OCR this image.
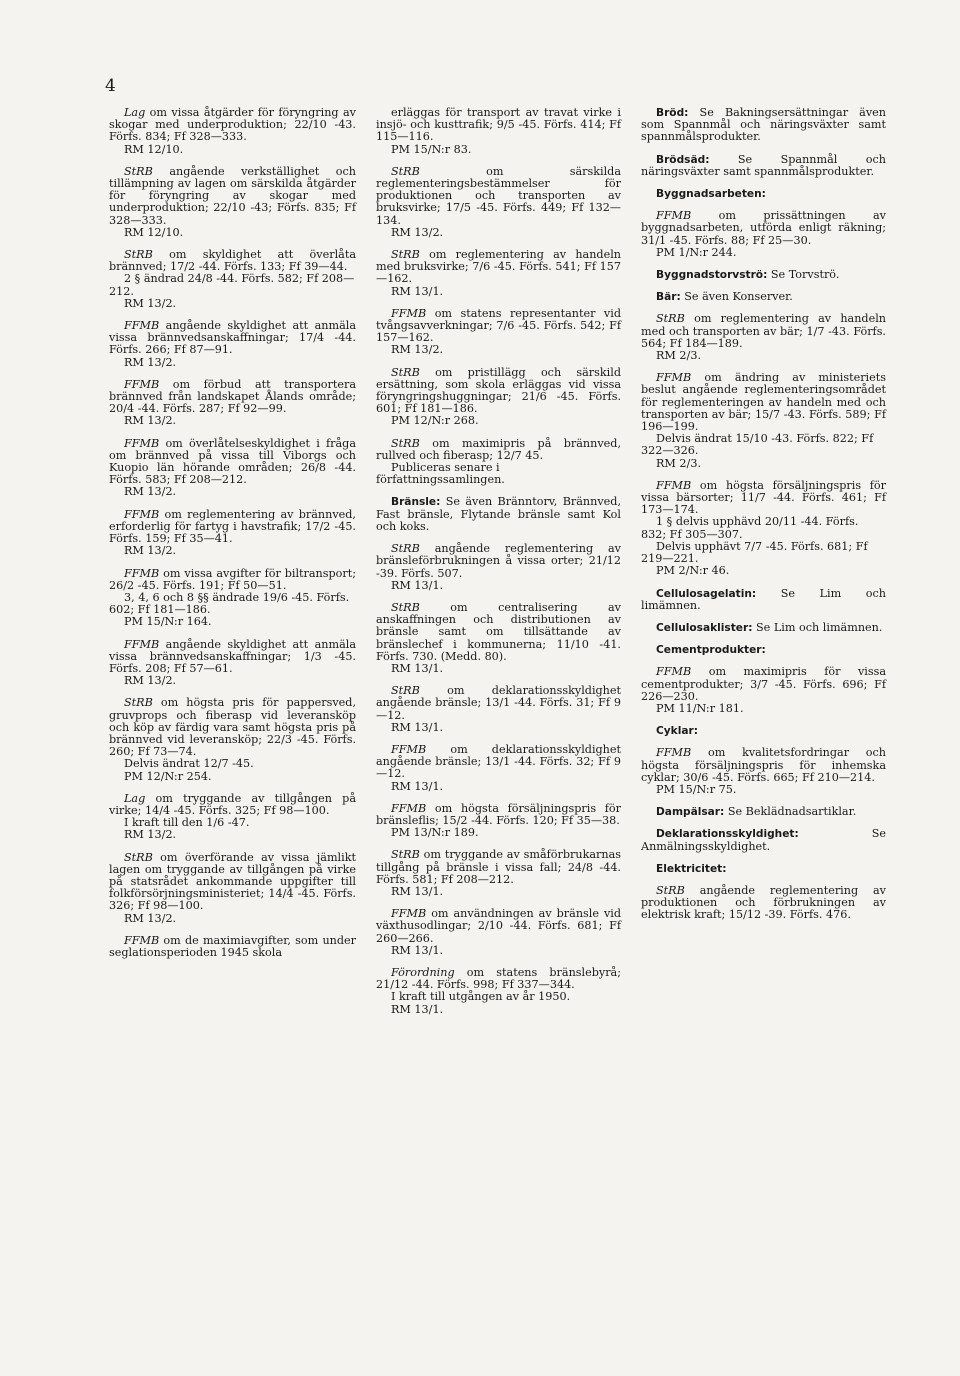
4

Lag om vissa åtgärder för föryngring av skogar med underproduktion; 22/10 -43. Förfs. 834; Ff 328—333.

RM 12/10.

StRB angående verkställighet och tillämpning av lagen om särskilda åtgärder för föryngring av skogar med underproduktion; 22/10 -43; Förfs. 835; Ff 328—333.

RM 12/10.

StRB om skyldighet att överlåta brännved; 17/2 -44. Förfs. 133; Ff 39—44.

2 § ändrad 24/8 -44. Förfs. 582; Ff 208—212.

RM 13/2.

FFMB angående skyldighet att anmäla vissa brännvedsanskaffningar; 17/4 -44. Förfs. 266; Ff 87—91.

RM 13/2.

FFMB om förbud att transportera brännved från landskapet Ålands område; 20/4 -44. Förfs. 287; Ff 92—99.

RM 13/2.

FFMB om överlåtelseskyldighet i fråga om brännved på vissa till Viborgs och Kuopio län hörande områden; 26/8 -44. Förfs. 583; Ff 208—212.

RM 13/2.

FFMB om reglementering av brännved, erforderlig för fartyg i havstrafik; 17/2 -45. Förfs. 159; Ff 35—41.

RM 13/2.

FFMB om vissa avgifter för biltransport; 26/2 -45. Förfs. 191; Ff 50—51.

3, 4, 6 och 8 §§ ändrade 19/6 -45. Förfs. 602; Ff 181—186.

PM 15/N:r 164.

FFMB angående skyldighet att anmäla vissa brännvedsanskaffningar; 1/3 -45. Förfs. 208; Ff 57—61.

RM 13/2.

StRB om högsta pris för pappersved, gruvprops och fiberasp vid leveransköp och köp av färdig vara samt högsta pris på brännved vid leveransköp; 22/3 -45. Förfs. 260; Ff 73—74.

Delvis ändrat 12/7 -45.

PM 12/N:r 254.

Lag om tryggande av tillgången på virke; 14/4 -45. Förfs. 325; Ff 98—100.

I kraft till den 1/6 -47.

RM 13/2.

StRB om överförande av vissa jämlikt lagen om tryggande av tillgången på virke på statsrådet ankommande uppgifter till folkförsörjningsministeriet; 14/4 -45. Förfs. 326; Ff 98—100.

RM 13/2.

FFMB om de maximiavgifter, som under seglationsperioden 1945 skola

erläggas för transport av travat virke i insjö- och kusttrafik; 9/5 -45. Förfs. 414; Ff 115—116.

PM 15/N:r 83.

StRB	om särskilda reglementeringsbestämmelser för produktionen och transporten av bruksvirke; 17/5 -45. Förfs. 449; Ff 132—134.

RM 13/2.

StRB om reglementering av handeln med bruksvirke; 7/6 -45. Förfs. 541; Ff 157—162.

RM 13/1.

FFMB om statens representanter vid tvångsavverkningar; 7/6 -45. Förfs. 542; Ff 157—162.

RM 13/2.

StRB om pristillägg och särskild ersättning, som skola erläggas vid vissa föryngringshuggningar; 21/6 -45. Förfs. 601; Ff 181—186.

PM 12/N:r 268.

StRB om maximipris på brännved, rullved och fiberasp; 12/7 45.

Publiceras senare i författningssamlingen.

Bränsle: Se även Bränntorv, Brännved, Fast bränsle, Flytande bränsle samt Kol och koks.

StRB angående reglementering av bränsleförbrukningen å vissa orter; 21/12 -39. Förfs. 507.

RM 13/1.

StRB	om centralisering av anskaffningen och distributionen av bränsle samt om tillsättande av bränslechef i kommunerna; 11/10 -41. Förfs. 730. (Medd. 80).

RM 13/1.

StRB om deklarationsskyldighet angående bränsle; 13/1 -44. Förfs. 31; Ff 9—12.

RM 13/1.

FFMB om deklarationsskyldighet angående bränsle; 13/1 -44. Förfs. 32; Ff 9—12.

RM 13/1.

FFMB om högsta försäljningspris för bränsleflis; 15/2 -44. Förfs. 120; Ff 35—38.

PM 13/N:r 189.

StRB om tryggande av småförbrukarnas tillgång på bränsle i vissa fall; 24/8 -44. Förfs. 581; Ff 208—212.

RM 13/1.

FFMB om användningen av bränsle vid växthusodlingar; 2/10 -44. Förfs. 681; Ff 260—266.

RM 13/1.

Förordning om statens bränslebyrå; 21/12 -44. Förfs. 998; Ff 337—344.

I kraft till utgången av år 1950.

RM 13/1.

Bröd: Se Bakningsersättningar även som Spannmål och näringsväxter samt spannmålsprodukter.

Brödsäd:	Se Spannmål och näringsväxter samt spannmålsprodukter.

Byggnadsarbeten:

FFMB om prissättningen av byggnadsarbeten, utförda enligt räkning; 31/1 -45. Förfs. 88; Ff 25—30.

PM 1/N:r 244.

Byggnadstorvströ: Se Torvströ.

Bär: Se även Konserver.

StRB om reglementering av handeln med och transporten av bär; 1/7 -43. Förfs. 564; Ff 184—189.

RM 2/3.

FFMB om ändring av ministeriets beslut angående reglementeringsområdet för reglementeringen av handeln med och transporten av bär; 15/7 -43. Förfs. 589; Ff 196—199.

Delvis ändrat 15/10 -43. Förfs. 822; Ff 322—326.

RM 2/3.

FFMB om högsta försäljningspris för vissa bärsorter; 11/7 -44. Förfs. 461; Ff 173—174.

1 § delvis upphävd 20/11 -44. Förfs. 832; Ff 305—307.

Delvis upphävt 7/7 -45. Förfs. 681; Ff 219—221.

PM 2/N:r 46.

Cellulosagelatin: Se Lim och limämnen.

Cellulosaklister: Se Lim och limämnen.

Cementprodukter:

FFMB om maximipris för vissa cementprodukter; 3/7 -45. Förfs. 696; Ff 226—230.

PM 11/N:r 181.

Cyklar:

FFMB om kvalitetsfordringar och högsta försäljningspris för inhemska cyklar; 30/6 -45. Förfs. 665; Ff 210—214.

PM 15/N:r 75.

Dampälsar: Se Beklädnadsartiklar.

Deklarationsskyldighet:	Se Anmälningsskyldighet.

Elektricitet:

StRB angående reglementering av produktionen och förbrukningen av elektrisk kraft; 15/12 -39. Förfs. 476.
